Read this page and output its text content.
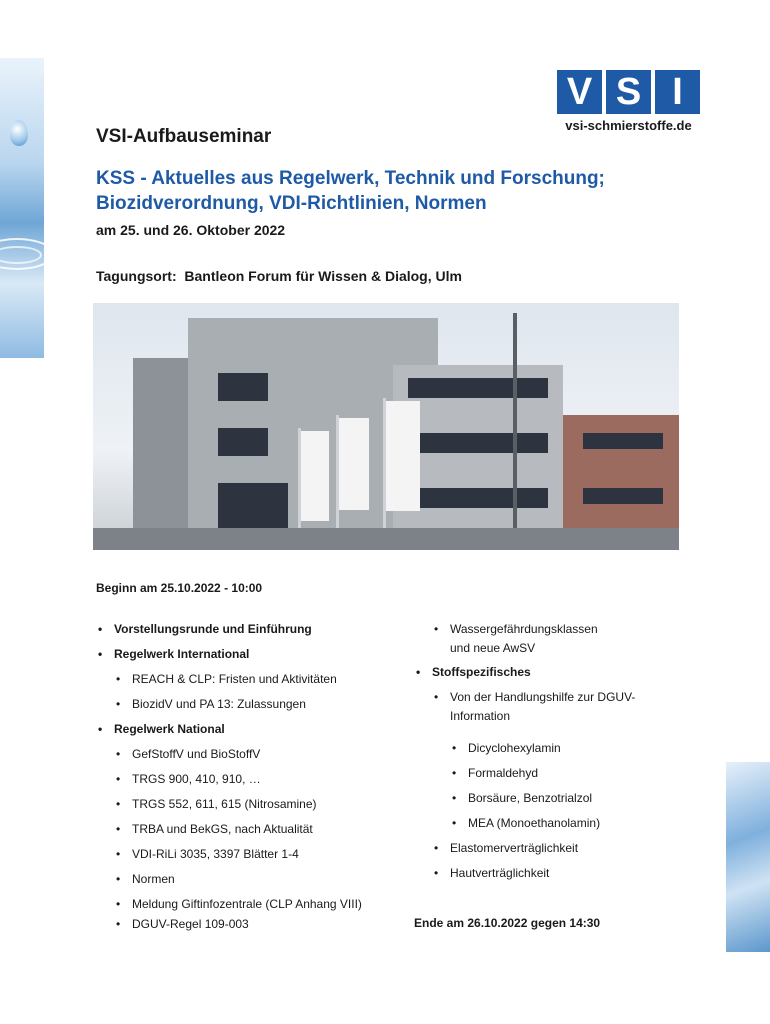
V S I
vsi-schmierstoffe.de
VSI-Aufbauseminar
KSS - Aktuelles aus Regelwerk, Technik und Forschung;
Biozidverordnung, VDI-Richtlinien, Normen
am 25. und 26. Oktober 2022
Tagungsort: Bantleon Forum für Wissen & Dialog, Ulm
Beginn am 25.10.2022 - 10:00
• Vorstellungsrunde und Einführung
• Regelwerk International
• REACH & CLP: Fristen und Aktivitäten
• BiozidV und PA 13: Zulassungen
• Regelwerk National
• GefStoffV und BioStoffV
• TRGS 900, 410, 910, …
• TRGS 552, 611, 615 (Nitrosamine)
• TRBA und BekGS, nach Aktualität
• VDI-RiLi 3035, 3397 Blätter 1-4
• Normen
• Meldung Giftinfozentrale (CLP Anhang VIII)
• DGUV-Regel 109-003
• Wassergefährdungsklassen
und neue AwSV
• Stoffspezifisches
• Von der Handlungshilfe zur DGUV-
Information
• Dicyclohexylamin
• Formaldehyd
• Borsäure, Benzotrialzol
• MEA (Monoethanolamin)
• Elastomerverträglichkeit
• Hautverträglichkeit
Ende am 26.10.2022 gegen 14:30
